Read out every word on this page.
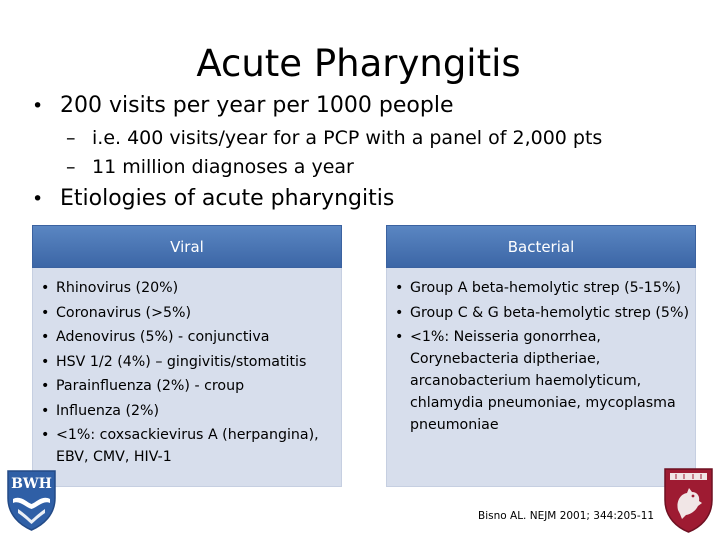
Acute Pharyngitis
• 200 visits per year per 1000 people
– i.e. 400 visits/year for a PCP with a panel of 2,000 pts
– 11 million diagnoses a year
• Etiologies of acute pharyngitis
Viral
• Rhinovirus (20%)
• Coronavirus (>5%)
• Adenovirus (5%) - conjunctiva
• HSV 1/2 (4%) – gingivitis/stomatitis
• Parainfluenza (2%) - croup
• Influenza (2%)
• <1%: coxsackievirus A (herpangina), EBV, CMV, HIV-1
Bacterial
• Group A beta-hemolytic strep (5-15%)
• Group C & G beta-hemolytic strep (5%)
• <1%: Neisseria gonorrhea, Corynebacteria diptheriae, arcanobacterium haemolyticum, chlamydia pneumoniae, mycoplasma pneumoniae
Bisno AL. NEJM 2001; 344:205-11
BWH
